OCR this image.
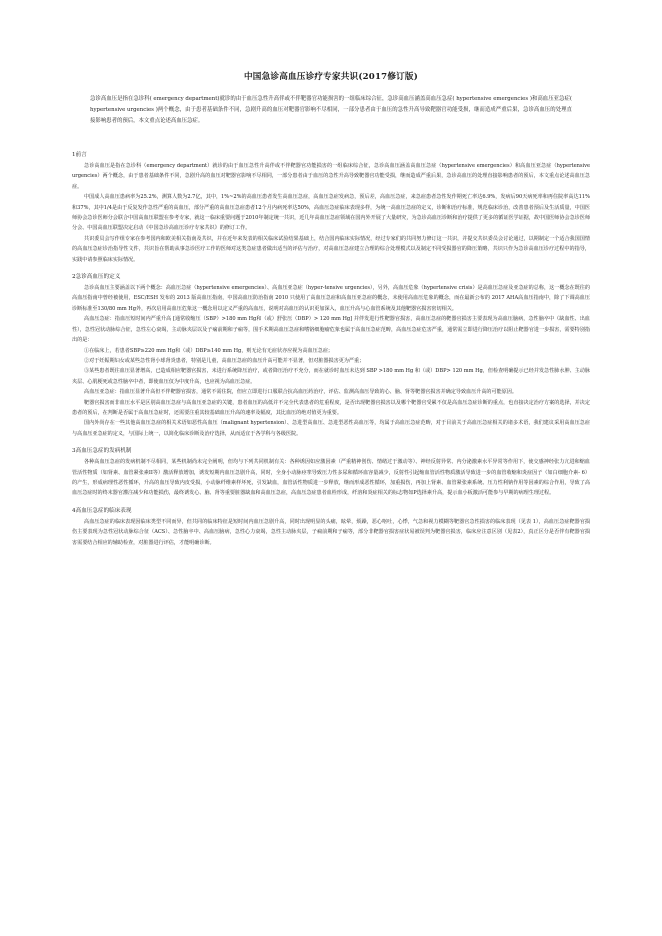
中国急诊高血压诊疗专家共识(2017修订版)
急诊高血压是指在急诊科( emergency department)就诊的由于血压急性升高伴或不伴靶器官功能损害的一组临床综合征，急诊高血压涵盖高血压急症( hypertensive emergencies )和高血压亚急症( hypertensive urgencies )两个概念，由于患者基础条件不同，急剧升高的血压对靶器官影响不尽相同，一部分患者由于血压的急性升高导致靶器官功能受损，继而造成严重后果，急诊高血压的处理直接影响患者的预后，本文重点论述高血压急症。

1前言

急诊高血压是指在急诊科（emergency department）就诊的由于血压急性升高伴或不伴靶器官功能损害的一组临床综合征，急诊高血压涵盖高血压急症（hypertensive emergencies）和高血压亚急症（hypertensive urgencies）两个概念，由于患者基础条件不同，急剧升高的血压对靶器官影响不尽相同，一部分患者由于血压的急性升高导致靶器官功能受损，继而造成严重后果，急诊高血压的处理直接影响患者的预后，本文重点论述高血压急症。

中国成人高血压患病率为25.2%，测算人数为2.7亿，其中，1%~2%的高血压患者发生高血压急症，高血压急症发病急，预后差，高血压急症，来急症患者急性发作期死亡率达6.9%，发病后90天病死率和再住院率高达11%和37%，其中1/4是由于反复发作急性严重的高血压，部分严重的高血压急症患者12个月内病死率达50%，高血压急症临床表现多样，为统一高血压急症的定义，诊断和治疗标准，规范临床诊治，改善患者预后及生活质量，中国医师协会急诊医师分会联合中国高血压联盟在参考专家，就这一临床重要问题于2010年制定统一共识，近几年高血压急症领域在国内外开展了大量研究，为急诊高血压诊断和治疗提供了更多的循证医学证据，故中国医师协会急诊医师分会、中国高血压联盟决定启动《中国急诊高血压诊疗专家共识》的修订工作。

共识委员会写作组专家在参考国内和欧美相关指南及共识，并在近年来发表的相关临床试验结果基础上，结合国内临床实际情况，经过专家们的共同努力修订这一共识，并提交共识委员会讨论通过，以期制定一个适合我国国情的高血压急症诊治指导性文件，共识旨在帮助从事急诊医疗工作的医师对这类急症患者做出适当的评估与治疗，对高血压急症建立合理的综合处理模式以及制定不同受损器官的降压策略，共识只作为急诊高血压诊疗过程中的指导，实践中请参照临床实际情况。

2急诊高血压的定义

急诊高血压主要涵盖以下两个概念：高血压急症（hypertensive emergencies）、高血压亚急症（hyper-tensive urgencies），另外，高血压危象（hypertensive crisis）是高血压急症及亚急症的总称，这一概念在既往的高血压指南中曾经被使用，ESC/ESH 发布的 2013 版高血压指南，中国高血压防治指南 2010 只使用了高血压急症和高血压亚急症的概念，未使用高血压危象的概念，而在最新公布的 2017 AHA高血压指南中，除了下调高血压诊断标准至130/80 mm Hg外，再次启用高血压危象这一概念用以定义严重的高血压，说明对高血压的认识更加深入，血压升高与心血管系统及其他靶器官损害密切相关。

高血压急症：指血压短时间内严重升高 [通常收缩压（SBP）>180 mm Hg和（或）舒张压（DBP）> 120 mm Hg] 并伴发进行性靶器官损害，高血压急症的靶器官损害主要表现为高血压脑病，急性脑卒中（缺血性、出血性），急性冠状动脉综合征，急性左心衰竭，主动脉夹层以及子痫前期和子痫等，围手术期高血压急症和嗜铬细胞瘤危象也属于高血压急症范畴，高血压急症危害严重，通常需立即进行降压治疗以阻止靶器官进一步损害，需要特别指出的是：

①在临床上，若患者SBP≥220 mm Hg和（或）DBP≥140 mm Hg，则无论有无症状亦应视为高血压急症；

②对于妊娠期妇女或某些急性肾小球肾炎患者，特别是儿童，高血压急症的血压升高可能并不显著，但对脏器损害更为严重；

③某些患者既往血压显著增高，已造成相应靶器官损害，未进行系统降压治疗，或者降压治疗不充分，而在就诊时血压未达到 SBP >180 mm Hg 和（或）DBP> 120 mm Hg，但检查明确提示已经并发急性肺水肿、主动脉夹层、心肌梗死或急性脑卒中者，即使血压仅为中度升高，也应视为高血压急症。

高血压亚急症：指血压显著升高但不伴靶器官损害，通常不需住院，但应立即进行口服联合抗高血压药治疗，评估、监测高血压导致的心、脑、肾等靶器官损害并确定导致血压升高的可能原因。

靶器官损害而非血压水平是区别高血压急症与高血压亚急症的关键，患者血压的高低并不完全代表患者的危重程度，是否出现靶器官损害以及哪个靶器官受累不仅是高血压急症诊断的重点，也直接决定治疗方案的选择，并决定患者的预后，在判断是否属于高血压急症时，还需要注重其较基础血压升高的速率及幅度，其比血压的绝对值更为重要。

国内外尚存在一些其他高血压急症的相关术语如恶性高血压（malignant hypertension）、急进型高血压、急进型恶性高血压等，均属于高血压急症范畴，对于目前关于高血压急症相关的诸多术语，我们建议采用高血压急症与高血压亚急症的定义，与国际上统一，以简化临床诊断及治疗选择，从而适宜于各学科与各级医院。

3高血压急症的发病机制

各种高血压急症的发病机制不尽相同，某些机制尚未完全阐明，但均与下列共同机制有关：各种诱因如应激因素（严重精神创伤、情绪过于激动等）、神经反射异常、内分泌激素水平异常等作用下，使交感神经张力亢进和缩血管活性物质（如肾素、血管紧张素II等）激活释放增加，诱发短期内血压急剧升高，同时，全身小动脉痉挛导致压力性多尿和循环血容量减少，反射性引起缩血管活性物质激活导致进一步的血管收缩和炎症因子（如白细胞介素- 6）的产生，形成病理性恶性循环，升高的血压导致内皮受损，小动脉纤维素样坏死，引发缺血，血管活性物质进一步释放，继而形成恶性循环，加重损伤，再加上肾素、血管紧张素系统、压力性利钠作用等因素的综合作用，导致了高血压急症时的终末器官灌注减少和功能损伤，最终诱发心、脑、肾等重要脏器缺血和高血压急症，高血压急症患者血栓形成，纤溶和炎症相关的标志物如P选择素升高，提示血小板激活可能参与早期的病理生理过程。

4高血压急症的临床表现

高血压急症的临床表现因临床类型不同而异，但共同的临床特征是短时间内血压急剧升高，同时出现明显的头痛，眩晕，烦躁，恶心呕吐，心悸，气急和视力模糊等靶器官急性损害的临床表现（见表 1），高血压急症靶器官损伤主要表现为急性冠状动脉综合征（ACS）、急性脑卒中、高血压脑病，急性心力衰竭，急性主动脉夹层，子痫前期和子痫等，部分非靶器官损害症状易被误判为靶器官损害，临床应注意区别（见表2），真正区分是否伴有靶器官损害需要结合相应的辅助检查，对脏器进行评估，才能明确诊断。
